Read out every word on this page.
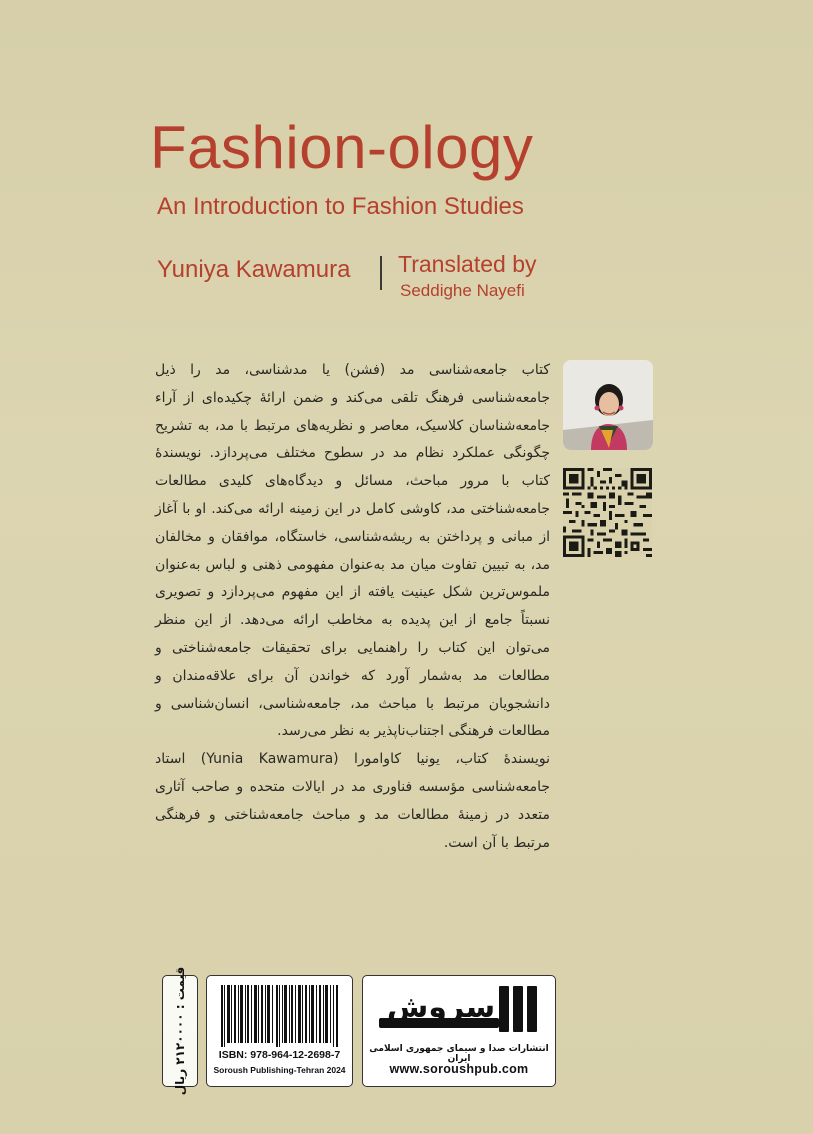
Fashion-ology
An Introduction to Fashion Studies
Yuniya Kawamura Translated by
Seddighe Nayefi

کتاب جامعه‌شناسی مد (فشن) یا مدشناسی، مد را ذیل جامعه‌شناسی فرهنگ تلقی می‌کند و ضمن ارائهٔ چکیده‌ای از آراء جامعه‌شناسان کلاسیک، معاصر و نظریه‌های مرتبط با مد، به تشریح چگونگی عملکرد نظام مد در سطوح مختلف می‌پردازد. نویسندهٔ کتاب با مرور مباحث، مسائل و دیدگاه‌های کلیدی مطالعات جامعه‌شناختی مد، کاوشی کامل در این زمینه ارائه می‌کند. او با آغاز از مبانی و پرداختن به ریشه‌شناسی، خاستگاه، موافقان و مخالفان مد، به تبیین تفاوت میان مد به‌عنوان مفهومی ذهنی و لباس به‌عنوان ملموس‌ترین شکل عینیت یافته از این مفهوم می‌پردازد و تصویری نسبتاً جامع از این پدیده به مخاطب ارائه می‌دهد. از این منظر می‌توان این کتاب را راهنمایی برای تحقیقات جامعه‌شناختی و مطالعات مد به‌شمار آورد که خواندن آن برای علاقه‌مندان و دانشجویان مرتبط با مباحث مد، جامعه‌شناسی، انسان‌شناسی و مطالعات فرهنگی اجتناب‌ناپذیر به نظر می‌رسد.

نویسندهٔ کتاب، یونیا کاوامورا (Yunia Kawamura) استاد جامعه‌شناسی مؤسسه فناوری مد در ایالات متحده و صاحب آثاری متعدد در زمینهٔ مطالعات مد و مباحث جامعه‌شناختی و فرهنگی مرتبط با آن است.

قیمت : ۲۱۲۰۰۰۰ ریال
ISBN: 978-964-12-2698-7
Soroush Publishing-Tehran 2024
سروش
انتشارات صدا و سیمای جمهوری اسلامی ایران
www.soroushpub.com
